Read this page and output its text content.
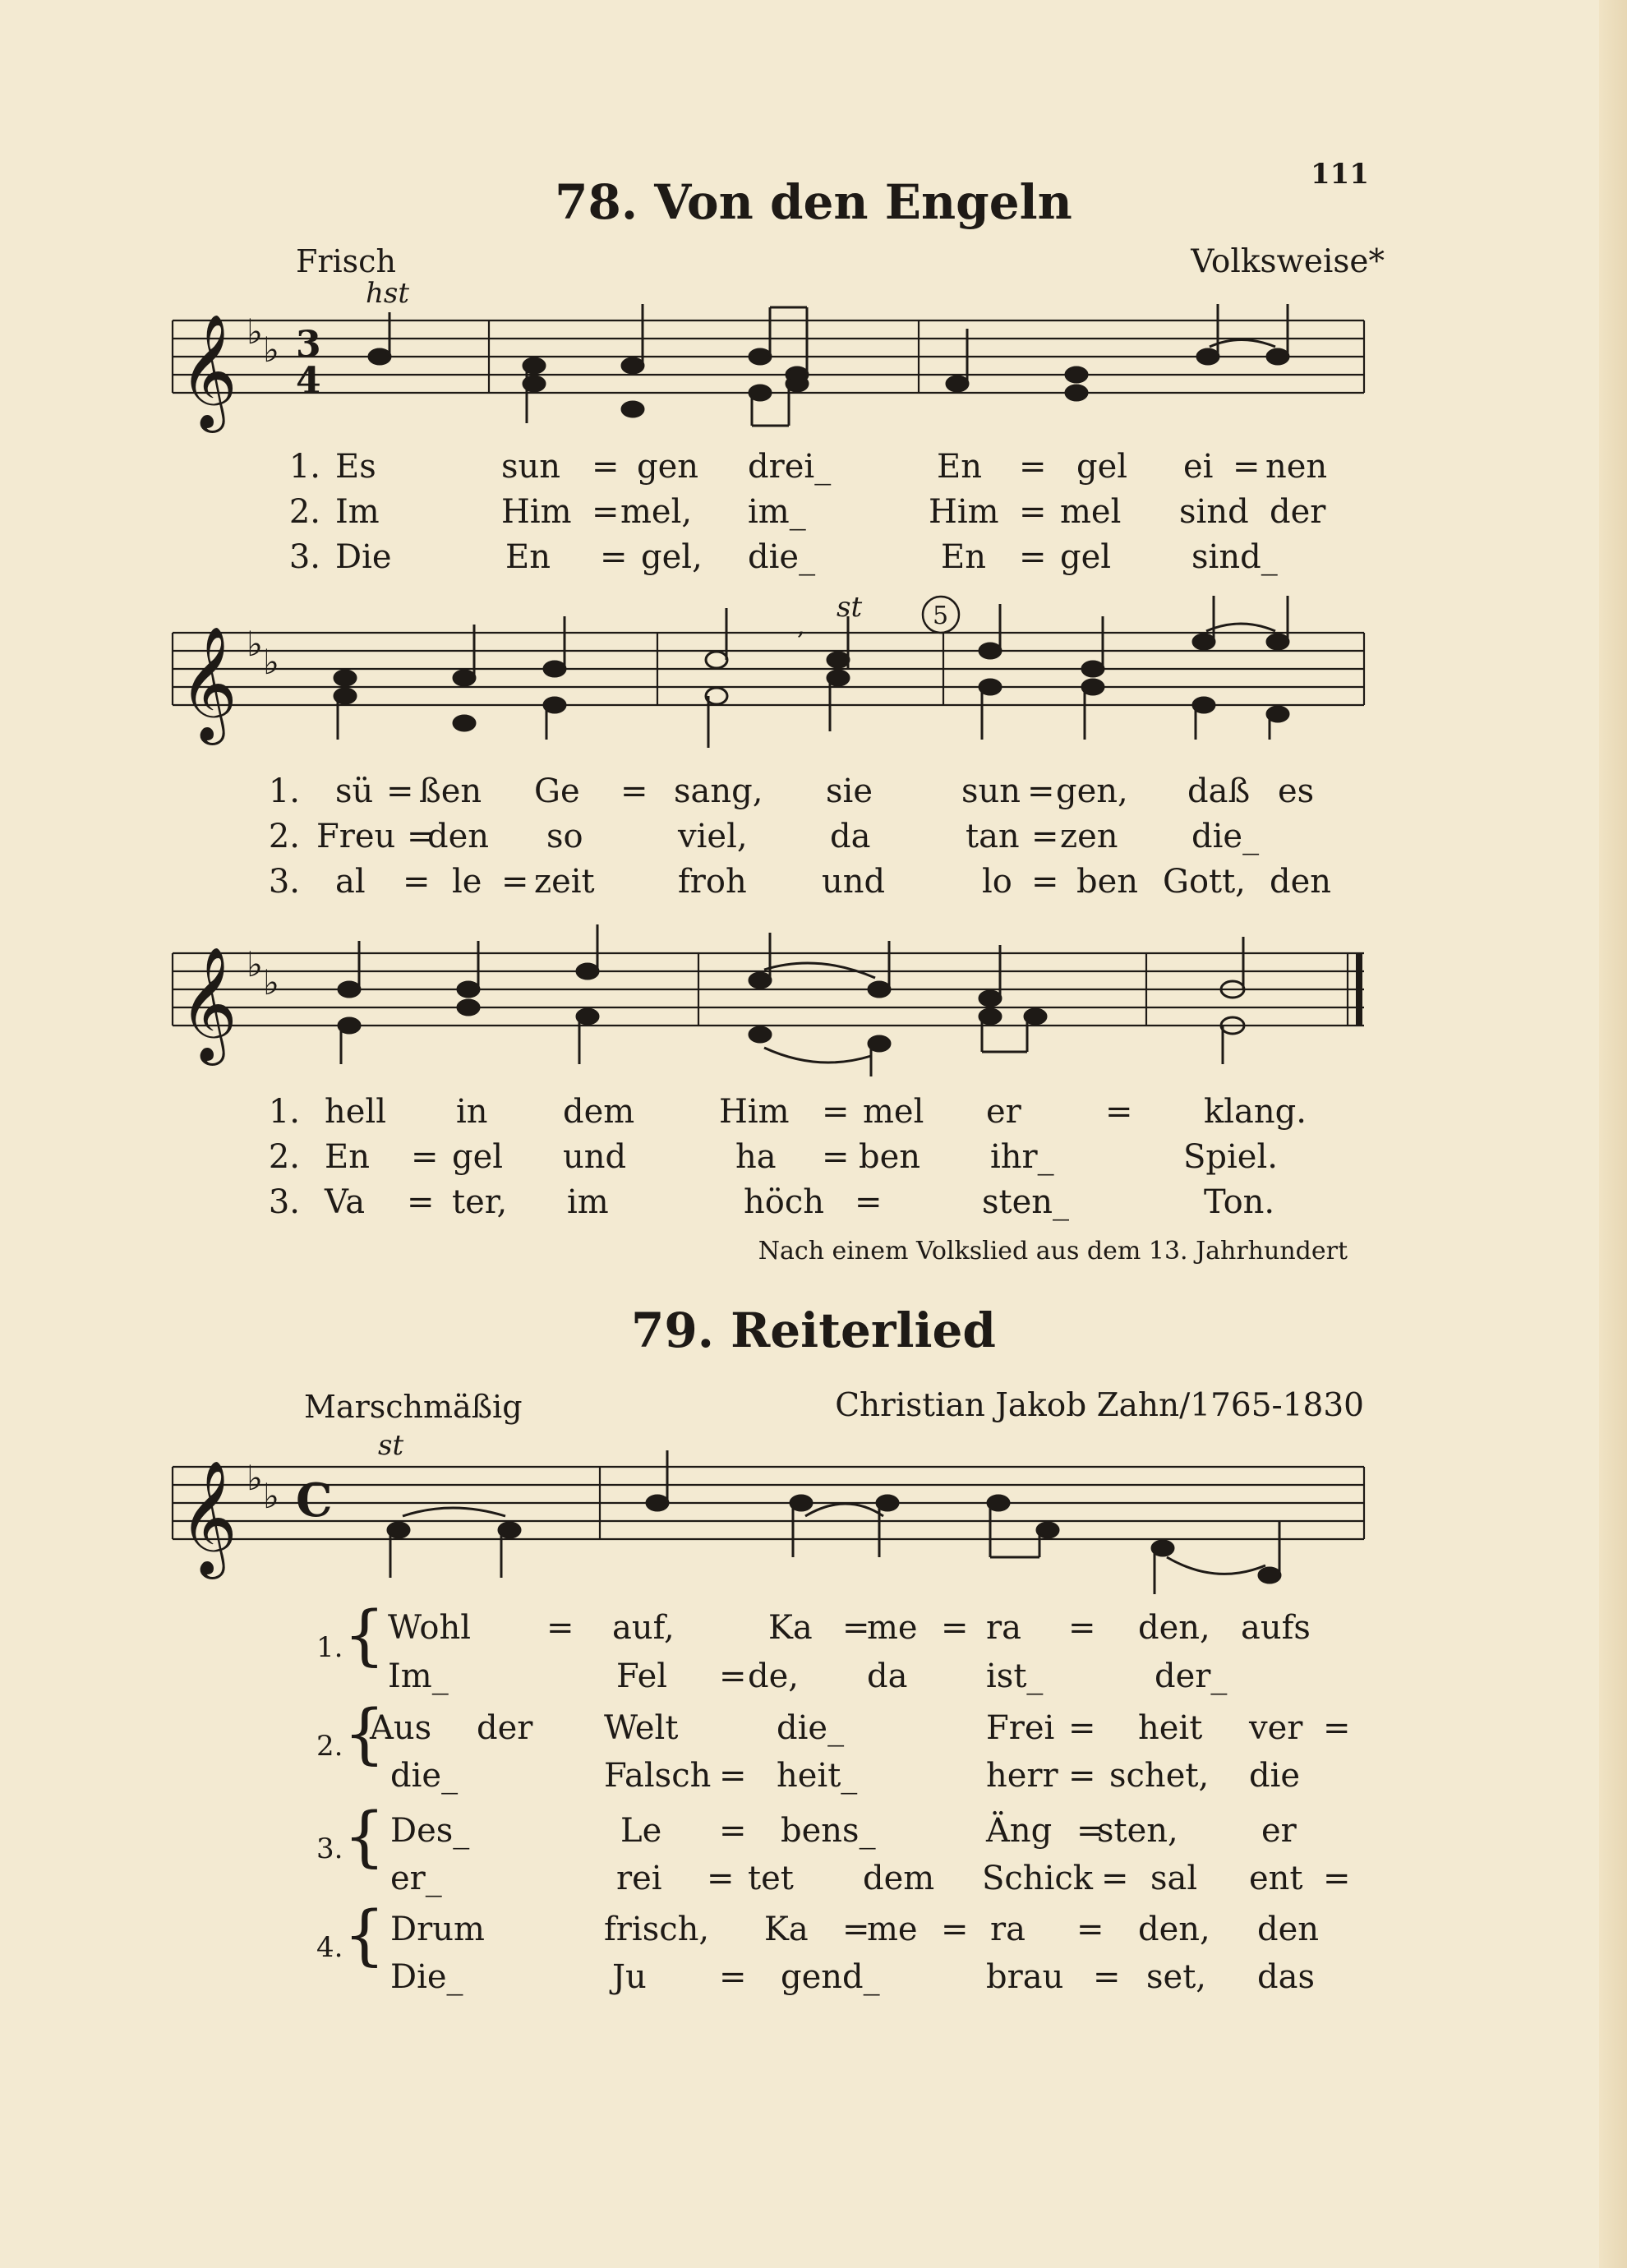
111
78. Von den Engeln
Frisch	Volksweise*
𝄞 ♭ ♭ 3
4
hst
1. Es	sun = gen drei_	En = gel ei = nen
2. Im	Him = mel, im_	Him = mel sind der
3. Die	En = gel, die_	En = gel sind_
𝄞 ♭ ♭
st
,	5
1. sü = ßen Ge = sang, sie	sun = gen, daß es
2. Freu =
den so	viel,	da	tan = zen die_
3. al = le = zeit	froh und	lo = ben Gott, den
𝄞 ♭ ♭
1. hell in dem	Him = mel er	= klang.
2. En = gel und	ha = ben ihr_	Spiel.
3. Va = ter, im	höch =	sten_	Ton.
Nach einem Volkslied aus dem 13. Jahrhundert
79. Reiterlied
Marschmäßig	Christian Jakob Zahn/1765-1830
𝄞 ♭ ♭ C
st
1. { Wohl = auf,	Ka =
me = ra = den, aufs
Im_	Fel = de, da ist_	der_
2. {
Aus der Welt	die_	Frei = heit ver =
die_	Falsch = heit_	herr = schet, die
3. { Des_	Le = bens_	Äng =
sten,	er
er_	rei = tet dem Schick = sal ent =
4. { Drum	frisch, Ka =
me = ra = den, den
Die_	Ju = gend_	brau = set, das
